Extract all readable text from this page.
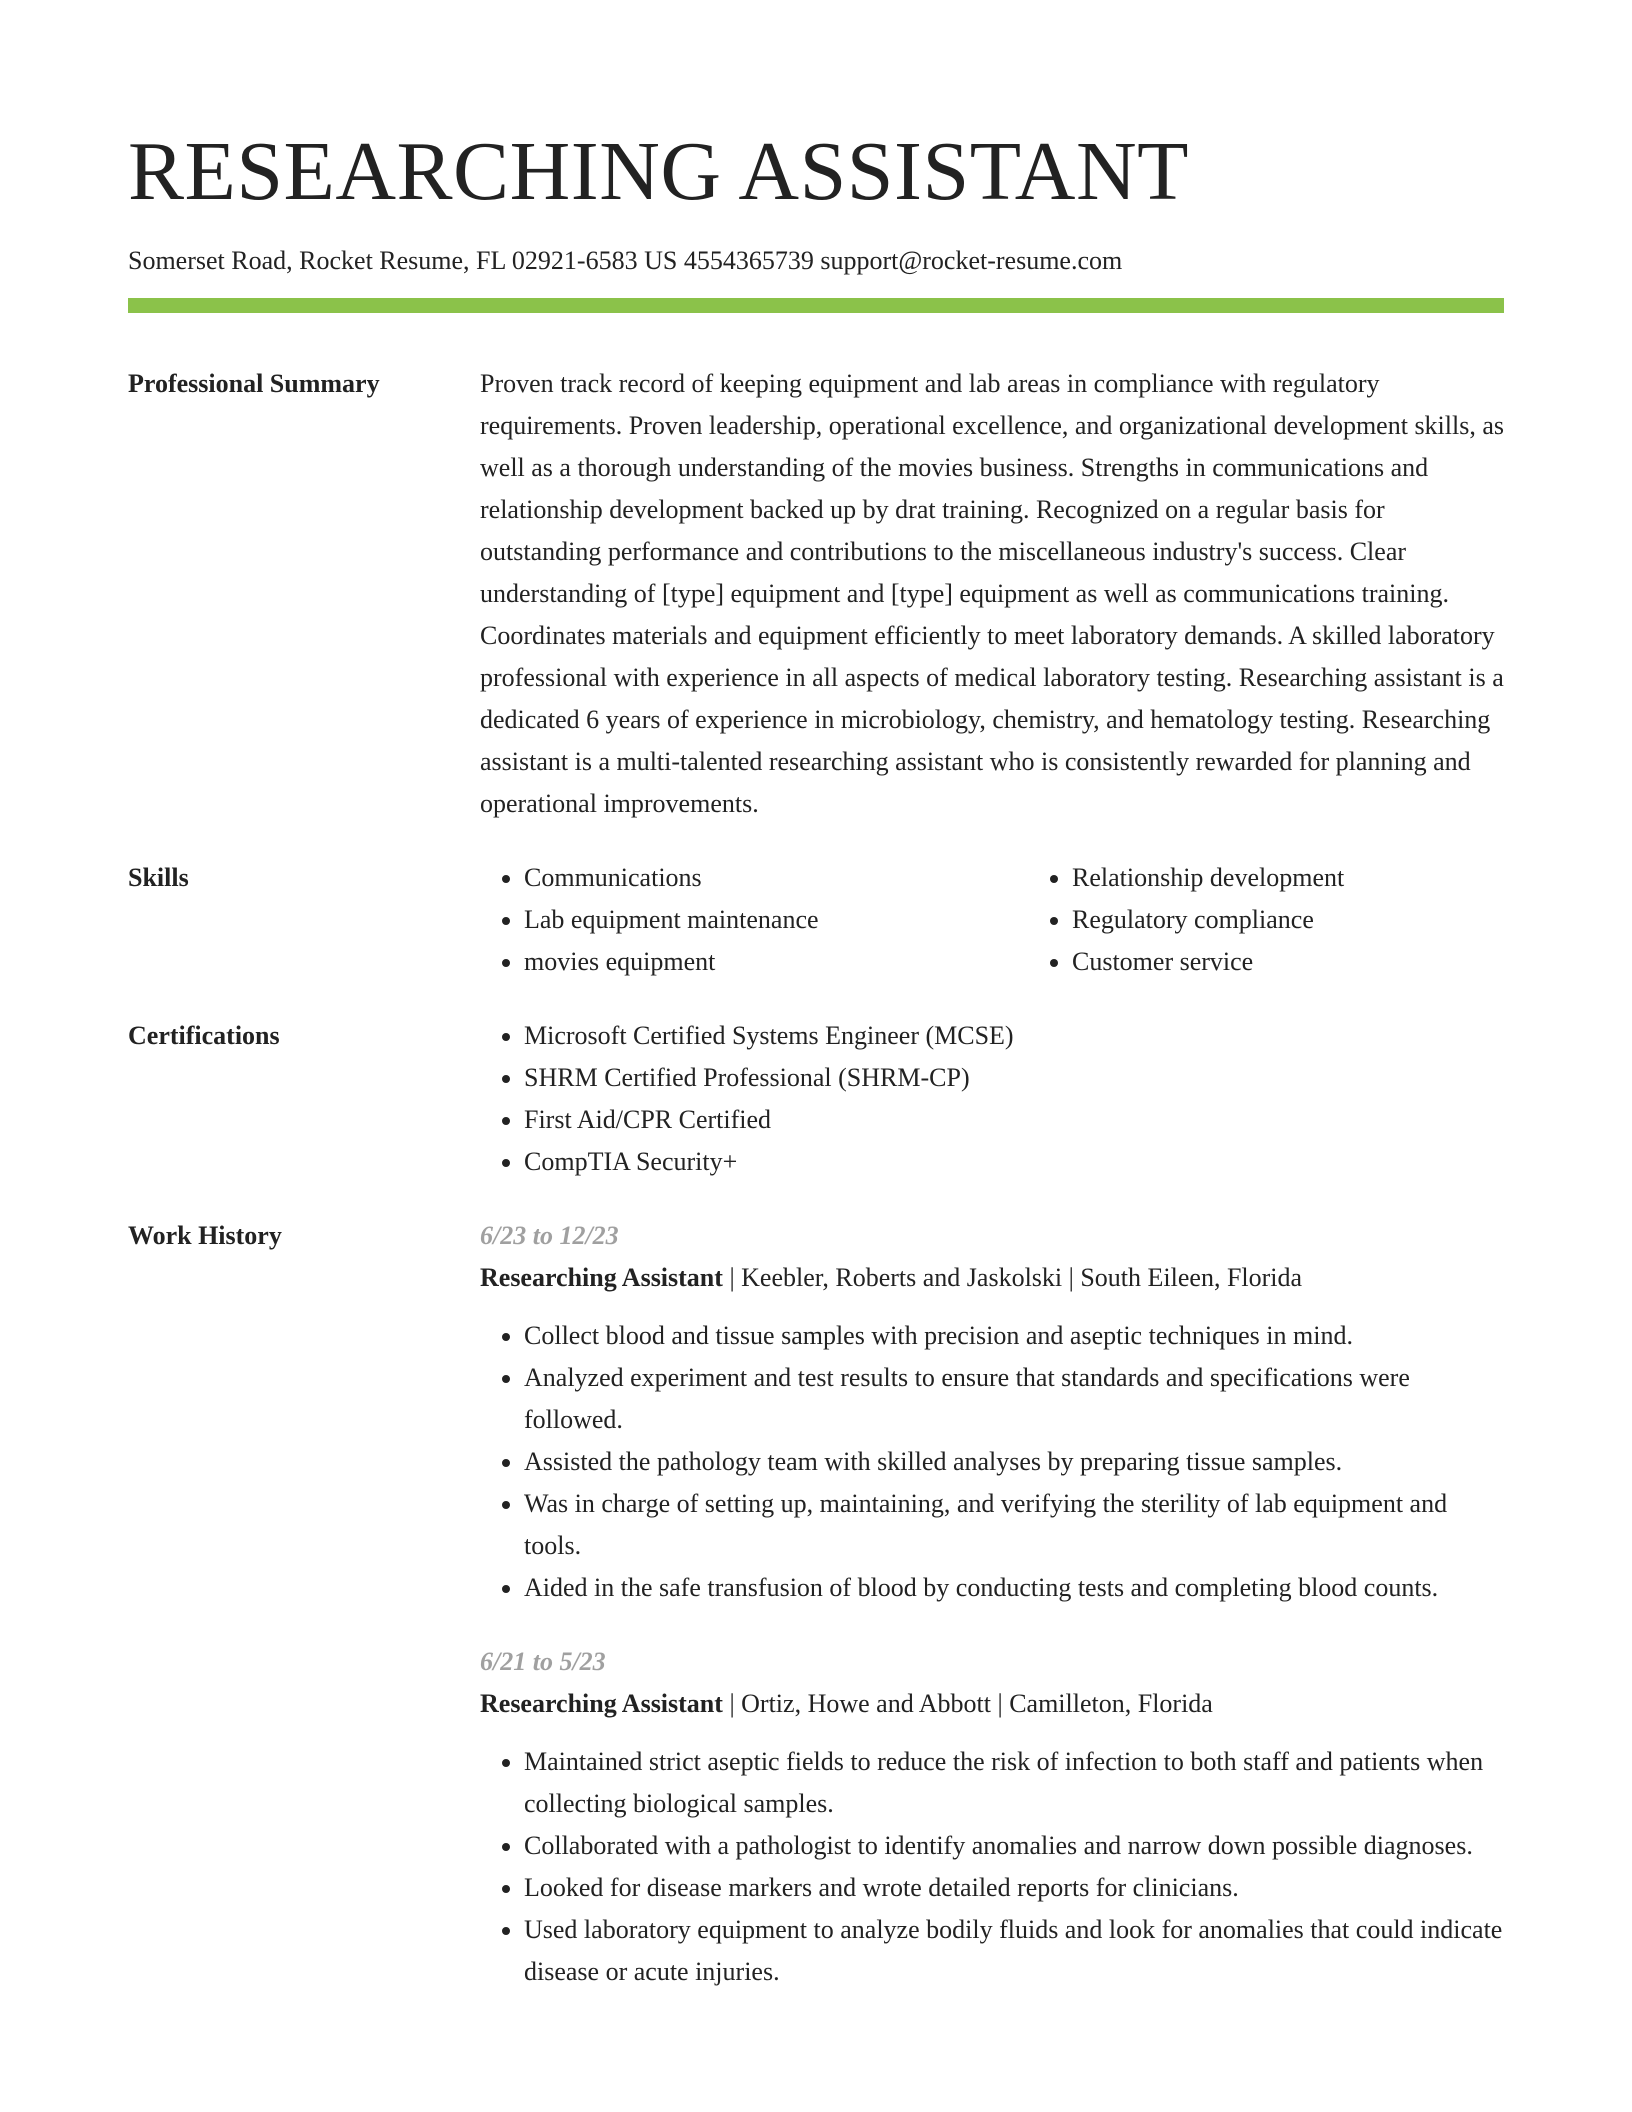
RESEARCHING ASSISTANT
Somerset Road, Rocket Resume, FL 02921-6583 US 4554365739 support@rocket-resume.com
Professional Summary	Proven track record of keeping equipment and lab areas in compliance with regulatory requirements. Proven leadership, operational excellence, and organizational development skills, as well as a thorough understanding of the movies business. Strengths in communications and relationship development backed up by drat training. Recognized on a regular basis for outstanding performance and contributions to the miscellaneous industry's success. Clear understanding of [type] equipment and [type] equipment as well as communications training. Coordinates materials and equipment efficiently to meet laboratory demands. A skilled laboratory professional with experience in all aspects of medical laboratory testing. Researching assistant is a dedicated 6 years of experience in microbiology, chemistry, and hematology testing. Researching assistant is a multi-talented researching assistant who is consistently rewarded for planning and operational improvements.

Skills	• Communications
• Lab equipment maintenance
• movies equipment
• Relationship development
• Regulatory compliance
• Customer service
Certifications	• Microsoft Certified Systems Engineer (MCSE)
• SHRM Certified Professional (SHRM-CP)
• First Aid/CPR Certified
• CompTIA Security+
Work History	6/23 to 12/23
Researching Assistant | Keebler, Roberts and Jaskolski | South Eileen, Florida
• Collect blood and tissue samples with precision and aseptic techniques in mind.
• Analyzed experiment and test results to ensure that standards and specifications were followed.
• Assisted the pathology team with skilled analyses by preparing tissue samples.
• Was in charge of setting up, maintaining, and verifying the sterility of lab equipment and tools.
• Aided in the safe transfusion of blood by conducting tests and completing blood counts.
6/21 to 5/23
Researching Assistant | Ortiz, Howe and Abbott | Camilleton, Florida
• Maintained strict aseptic fields to reduce the risk of infection to both staff and patients when collecting biological samples.
• Collaborated with a pathologist to identify anomalies and narrow down possible diagnoses.
• Looked for disease markers and wrote detailed reports for clinicians.
• Used laboratory equipment to analyze bodily fluids and look for anomalies that could indicate disease or acute injuries.
